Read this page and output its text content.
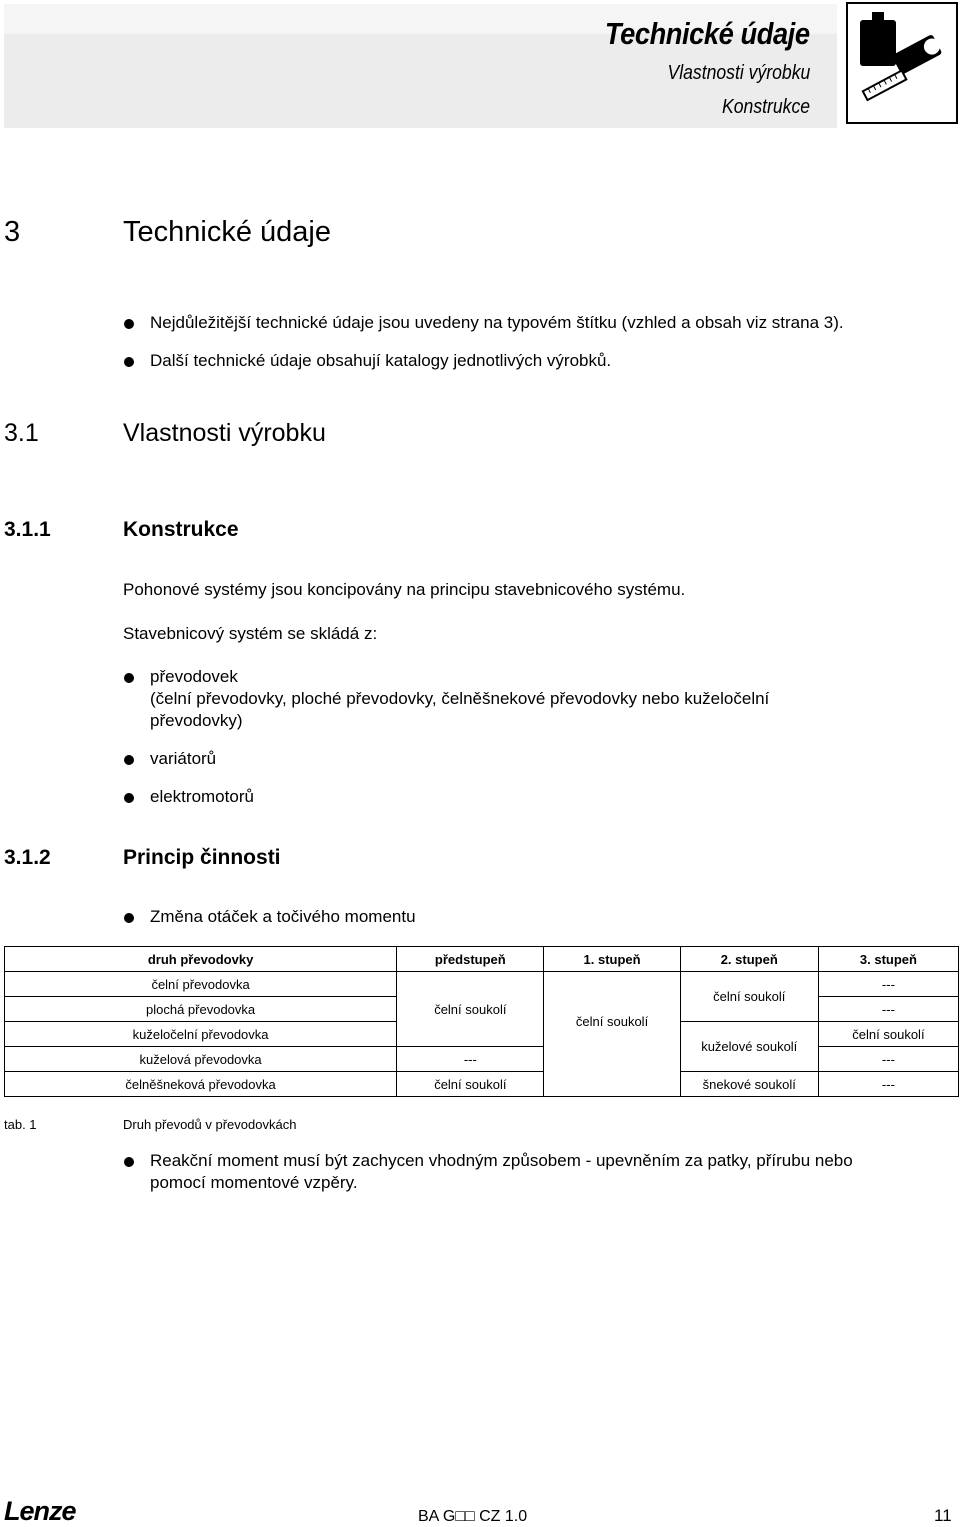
Technické údaje
Vlastnosti výrobku
Konstrukce
3	Technické údaje
Nejdůležitější technické údaje jsou uvedeny na typovém štítku (vzhled a obsah viz strana 3).
Další technické údaje obsahují katalogy jednotlivých výrobků.
3.1	Vlastnosti výrobku
3.1.1	Konstrukce
Pohonové systémy jsou koncipovány na principu stavebnicového systému.
Stavebnicový systém se skládá z:
převodovek
(čelní převodovky, ploché převodovky, čelněšnekové převodovky nebo kuželočelní
převodovky)
variátorů
elektromotorů
3.1.2	Princip činnosti
Změna otáček a točivého momentu
druh převodovky	předstupeň	1. stupeň	2. stupeň	3. stupeň
čelní převodovka	čelní soukolí	čelní soukolí	čelní soukolí	---
plochá převodovka				---
kuželočelní převodovka			kuželové soukolí	čelní soukolí
kuželová převodovka	---			---
čelněšneková převodovka	čelní soukolí		šnekové soukolí	---
tab. 1	Druh převodů v převodovkách
Reakční moment musí být zachycen vhodným způsobem - upevněním za patky, přírubu nebo
pomocí momentové vzpěry.
Lenze	BA G□□ CZ 1.0	11
